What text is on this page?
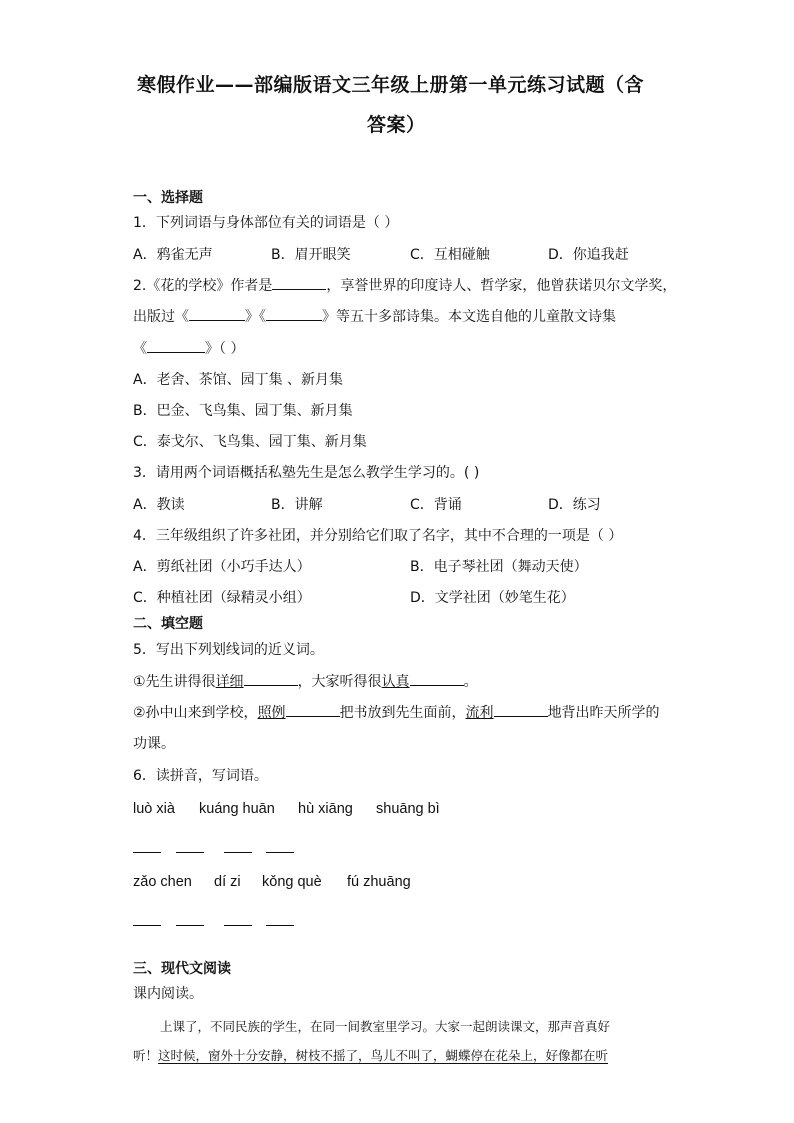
寒假作业——部编版语文三年级上册第一单元练习试题（含
答案）
一、选择题
1．下列词语与身体部位有关的词语是（ ）
A．鸦雀无声	B．眉开眼笑	C．互相碰触	D．你追我赶
2.《花的学校》作者是	，享誉世界的印度诗人、哲学家，他曾获诺贝尔文学奖，
出版过《	》《	》等五十多部诗集。本文选自他的儿童散文诗集
《	》（ ）
A．老舍、茶馆、园丁集 、新月集
B．巴金、飞鸟集、园丁集、新月集
C．泰戈尔、飞鸟集、园丁集、新月集
3．请用两个词语概括私塾先生是怎么教学生学习的。( )
A．教读	B．讲解	C．背诵	D．练习
4．三年级组织了许多社团，并分别给它们取了名字，其中不合理的一项是（ ）
A．剪纸社团（小巧手达人）	B．电子琴社团（舞动天使）
C．种植社团（绿精灵小组）	D．文学社团（妙笔生花）
二、填空题
5．写出下列划线词的近义词。
①先生讲得很详细	，大家听得很认真	。
②孙中山来到学校，照例	把书放到先生面前，流利	地背出昨天所学的
功课。
6．读拼音，写词语。
luò xià kuáng huān hù xiāng shuāng bì
zǎo chen dí zi kǒng què fú zhuāng
三、现代文阅读
课内阅读。
上课了，不同民族的学生，在同一间教室里学习。大家一起朗读课文，那声音真好
听！这时候，窗外十分安静，树枝不摇了，鸟儿不叫了，蝴蝶停在花朵上，好像都在听
